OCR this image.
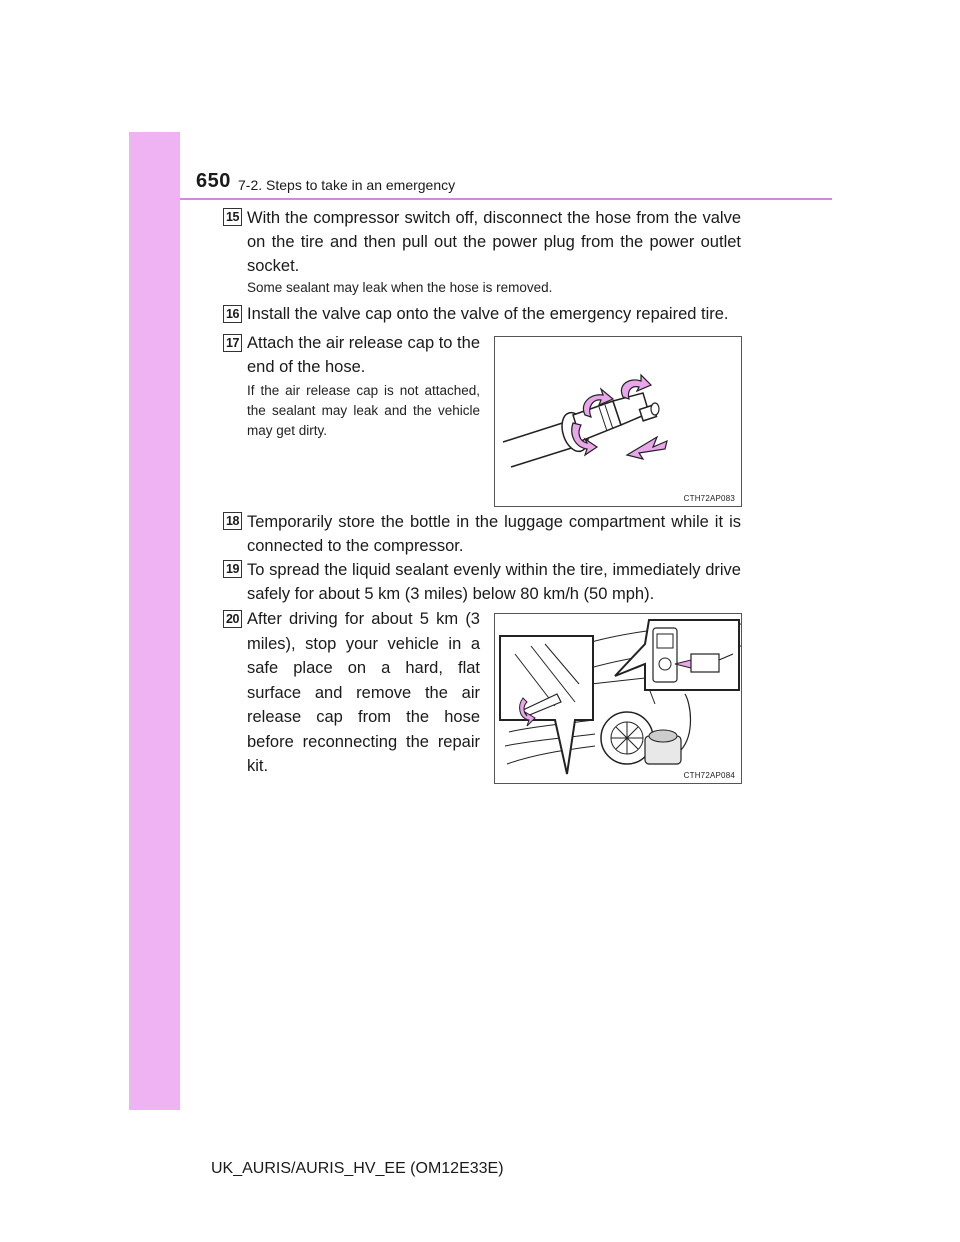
650 7-2. Steps to take in an emergency
15 With the compressor switch off, disconnect the hose from the valve on the tire and then pull out the power plug from the power outlet socket.
Some sealant may leak when the hose is removed.
16 Install the valve cap onto the valve of the emergency repaired tire.
17 Attach the air release cap to the end of the hose.
If the air release cap is not attached, the sealant may leak and the vehicle may get dirty.
CTH72AP083
18 Temporarily store the bottle in the luggage compartment while it is connected to the compressor.
19 To spread the liquid sealant evenly within the tire, immediately drive safely for about 5 km (3 miles) below 80 km/h (50 mph).
20 After driving for about 5 km (3 miles), stop your vehicle in a safe place on a hard, flat surface and remove the air release cap from the hose before reconnecting the repair kit.
CTH72AP084
UK_AURIS/AURIS_HV_EE (OM12E33E)
